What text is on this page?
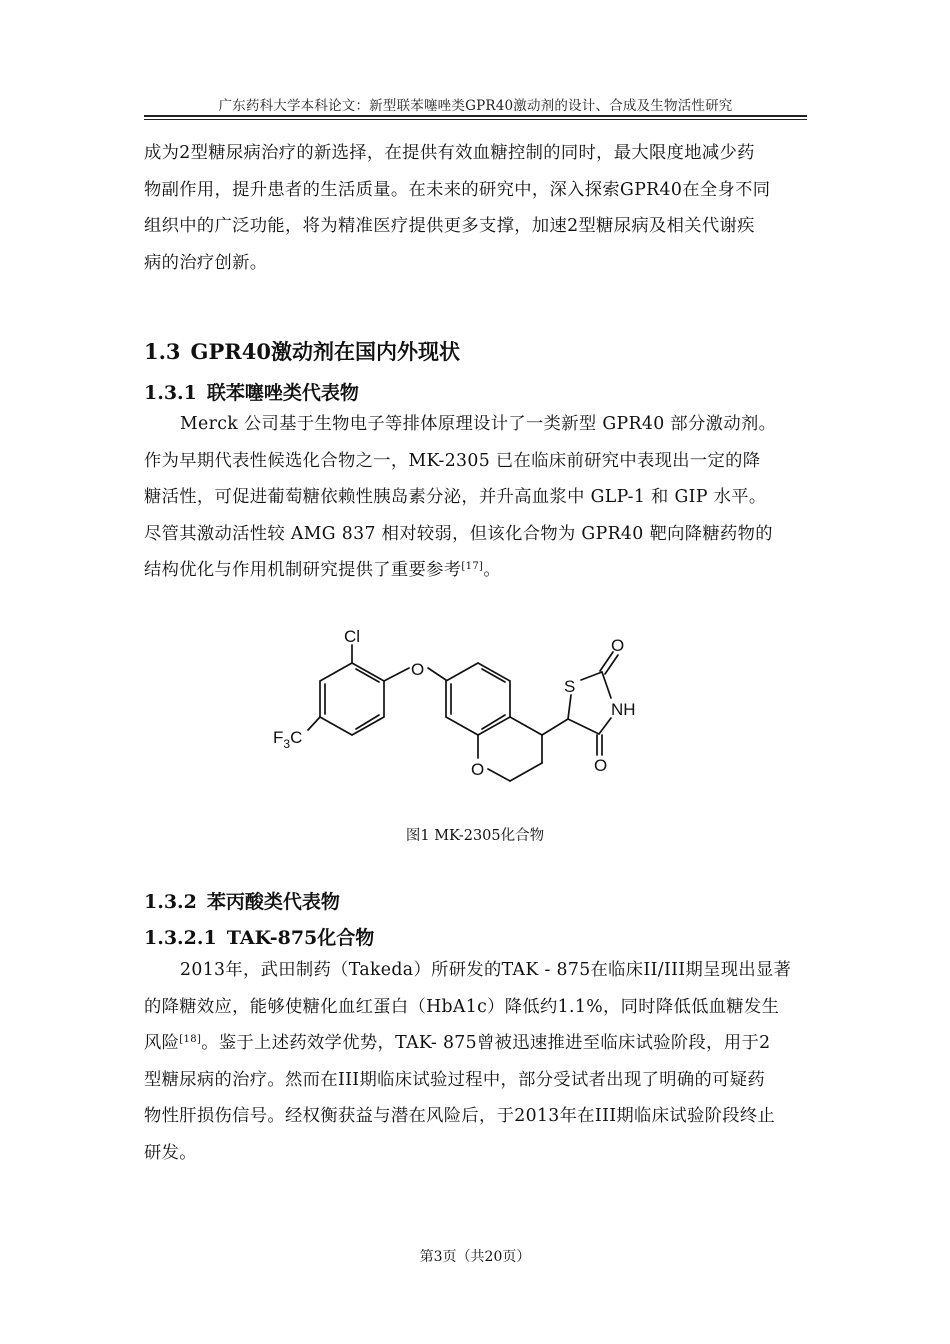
广东药科大学本科论文：新型联苯噻唑类GPR40激动剂的设计、合成及生物活性研究

成为2型糖尿病治疗的新选择，在提供有效血糖控制的同时，最大限度地减少药
物副作用，提升患者的生活质量。在未来的研究中，深入探索GPR40在全身不同
组织中的广泛功能，将为精准医疗提供更多支撑，加速2型糖尿病及相关代谢疾
病的治疗创新。

1.3 GPR40激动剂在国内外现状
1.3.1 联苯噻唑类代表物

Merck 公司基于生物电子等排体原理设计了一类新型 GPR40 部分激动剂。
作为早期代表性候选化合物之一，MK-2305 已在临床前研究中表现出一定的降
糖活性，可促进葡萄糖依赖性胰岛素分泌，并升高血浆中 GLP-1 和 GIP 水平。
尽管其激动活性较 AMG 837 相对较弱，但该化合物为 GPR40 靶向降糖药物的
结构优化与作用机制研究提供了重要参考[17]。

Cl
O
$F_3C$
O
S
NH
O
O
图1 MK-2305化合物
1.3.2 苯丙酸类代表物
1.3.2.1 TAK-875化合物

2013年，武田制药（Takeda）所研发的TAK - 875在临床II/III期呈现出显著
的降糖效应，能够使糖化血红蛋白（HbA1c）降低约1.1%，同时降低低血糖发生
风险[18]。鉴于上述药效学优势，TAK- 875曾被迅速推进至临床试验阶段，用于2
型糖尿病的治疗。然而在III期临床试验过程中，部分受试者出现了明确的可疑药
物性肝损伤信号。经权衡获益与潜在风险后，于2013年在III期临床试验阶段终止
研发。

第3页（共20页）
